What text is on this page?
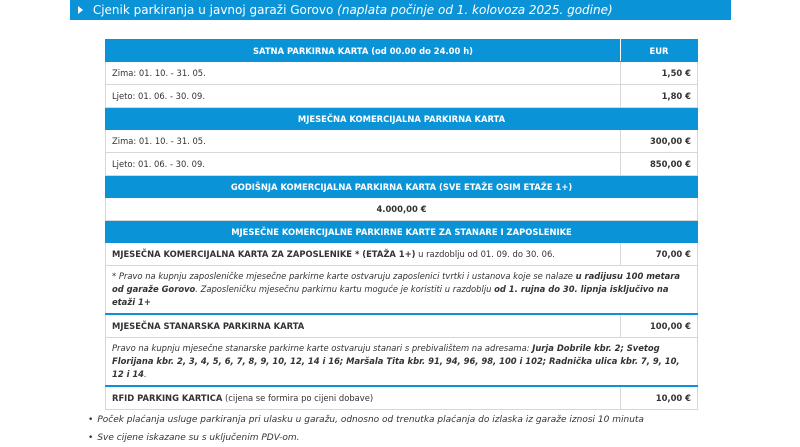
Cjenik parkiranja u javnoj garaži Gorovo (naplata počinje od 1. kolovoza 2025. godine)
SATNA PARKIRNA KARTA (od 00.00 do 24.00 h)	EUR
Zima: 01. 10. - 31. 05.	1,50 €
Ljeto: 01. 06. - 30. 09.	1,80 €
MJESEČNA KOMERCIJALNA PARKIRNA KARTA	
Zima: 01. 10. - 31. 05.	300,00 €
Ljeto: 01. 06. - 30. 09.	850,00 €
GODIŠNJA KOMERCIJALNA PARKIRNA KARTA (SVE ETAŽE OSIM ETAŽE 1+)	
4.000,00 €	
MJESEČNE KOMERCIJALNE PARKIRNE KARTE ZA STANARE I ZAPOSLENIKE	
MJESEČNA KOMERCIJALNA KARTA ZA ZAPOSLENIKE * (ETAŽA 1+) u razdoblju od 01. 09. do 30. 06.	70,00 €
* Pravo na kupnju zaposleničke mjesečne parkirne karte ostvaruju zaposlenici tvrtki i ustanova koje se nalaze u radijusu 100 metara od garaže Gorovo. Zaposleničku mjesečnu parkirnu kartu moguće je koristiti u razdoblju od 1. rujna do 30. lipnja isključivo na etaži 1+	
MJESEČNA STANARSKA PARKIRNA KARTA	100,00 €
Pravo na kupnju mjesečne stanarske parkirne karte ostvaruju stanari s prebivalištem na adresama: Jurja Dobrile kbr. 2; Svetog Florijana kbr. 2, 3, 4, 5, 6, 7, 8, 9, 10, 12, 14 i 16; Maršala Tita kbr. 91, 94, 96, 98, 100 i 102; Radnička ulica kbr. 7, 9, 10, 12 i 14.	
RFID PARKING KARTICA (cijena se formira po cijeni dobave)	10,00 €
• Poček plaćanja usluge parkiranja pri ulasku u garažu, odnosno od trenutka plaćanja do izlaska iz garaže iznosi 10 minuta
• Sve cijene iskazane su s uključenim PDV-om.
